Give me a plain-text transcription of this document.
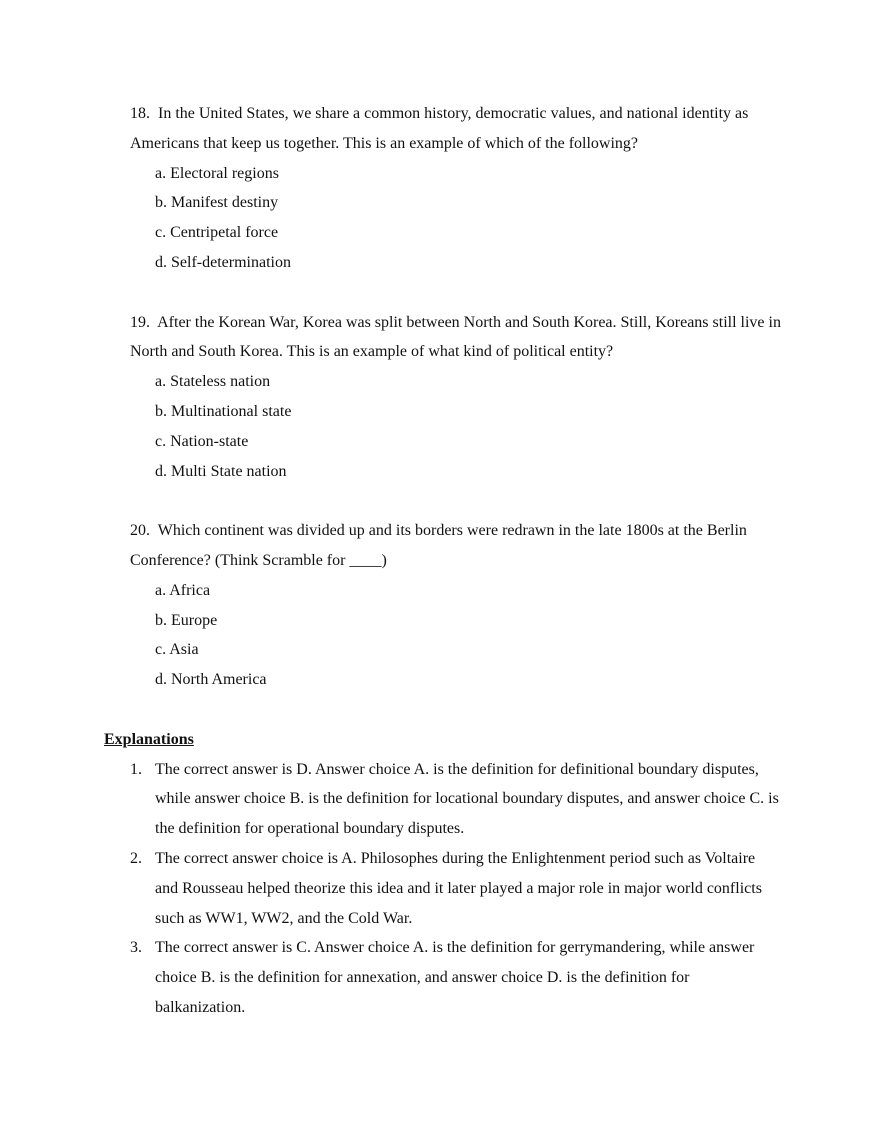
18. In the United States, we share a common history, democratic values, and national identity as Americans that keep us together. This is an example of which of the following?
a. Electoral regions
b. Manifest destiny
c. Centripetal force
d. Self-determination
19. After the Korean War, Korea was split between North and South Korea. Still, Koreans still live in North and South Korea. This is an example of what kind of political entity?
a. Stateless nation
b. Multinational state
c. Nation-state
d. Multi State nation
20. Which continent was divided up and its borders were redrawn in the late 1800s at the Berlin Conference? (Think Scramble for ____)
a. Africa
b. Europe
c. Asia
d. North America
Explanations
1. The correct answer is D. Answer choice A. is the definition for definitional boundary disputes, while answer choice B. is the definition for locational boundary disputes, and answer choice C. is the definition for operational boundary disputes.
2. The correct answer choice is A. Philosophes during the Enlightenment period such as Voltaire and Rousseau helped theorize this idea and it later played a major role in major world conflicts such as WW1, WW2, and the Cold War.
3. The correct answer is C. Answer choice A. is the definition for gerrymandering, while answer choice B. is the definition for annexation, and answer choice D. is the definition for balkanization.
